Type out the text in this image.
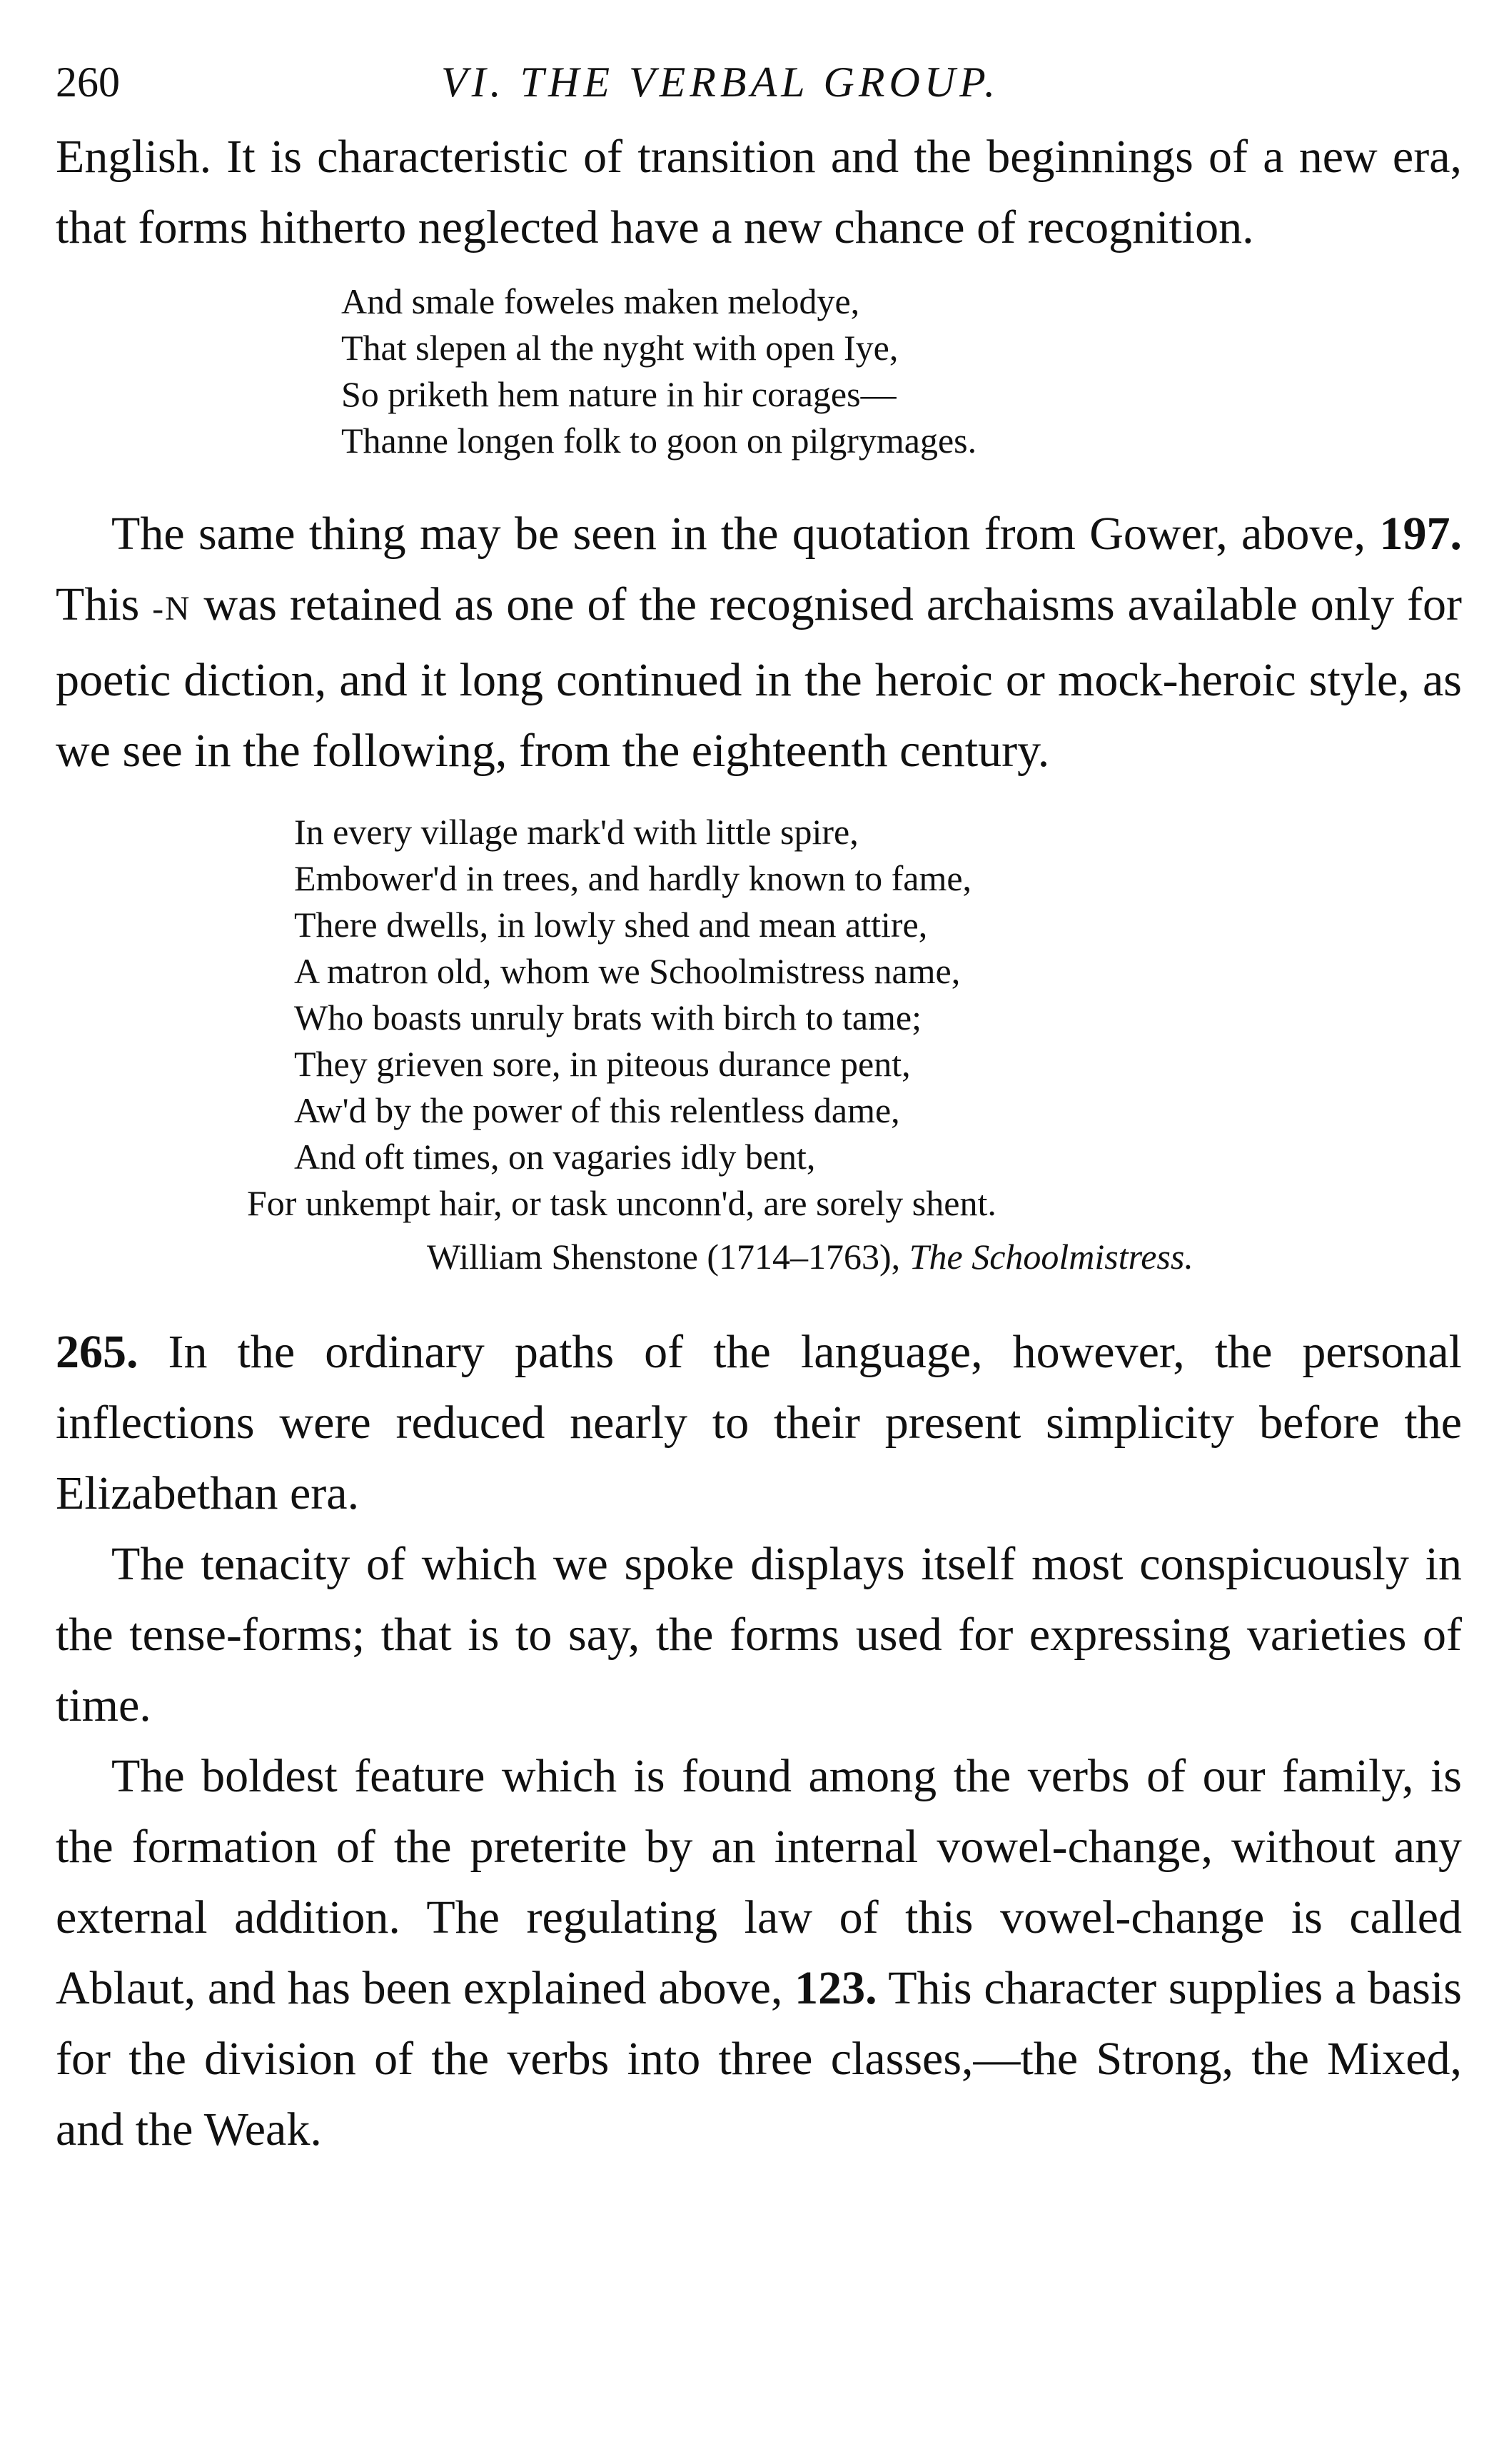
260	VI. THE VERBAL GROUP.

English. It is characteristic of transition and the beginnings of a new era, that forms hitherto neglected have a new chance of recognition.

And smale foweles maken melodye,
That slepen al the nyght with open Iye,
So priketh hem nature in hir corages—
Thanne longen folk to goon on pilgrymages.

The same thing may be seen in the quotation from Gower, above, 197. This -N was retained as one of the recognised archaisms available only for poetic diction, and it long continued in the heroic or mock-heroic style, as we see in the following, from the eighteenth century.

In every village mark'd with little spire,
Embower'd in trees, and hardly known to fame,
There dwells, in lowly shed and mean attire,
A matron old, whom we Schoolmistress name,
Who boasts unruly brats with birch to tame;
They grieven sore, in piteous durance pent,
Aw'd by the power of this relentless dame,
And oft times, on vagaries idly bent,
For unkempt hair, or task unconn'd, are sorely shent.
William Shenstone (1714–1763), The Schoolmistress.

265. In the ordinary paths of the language, however, the personal inflections were reduced nearly to their present simplicity before the Elizabethan era.

The tenacity of which we spoke displays itself most conspicuously in the tense-forms; that is to say, the forms used for expressing varieties of time.

The boldest feature which is found among the verbs of our family, is the formation of the preterite by an internal vowel-change, without any external addition. The regulating law of this vowel-change is called Ablaut, and has been explained above, 123. This character supplies a basis for the division of the verbs into three classes,—the Strong, the Mixed, and the Weak.
